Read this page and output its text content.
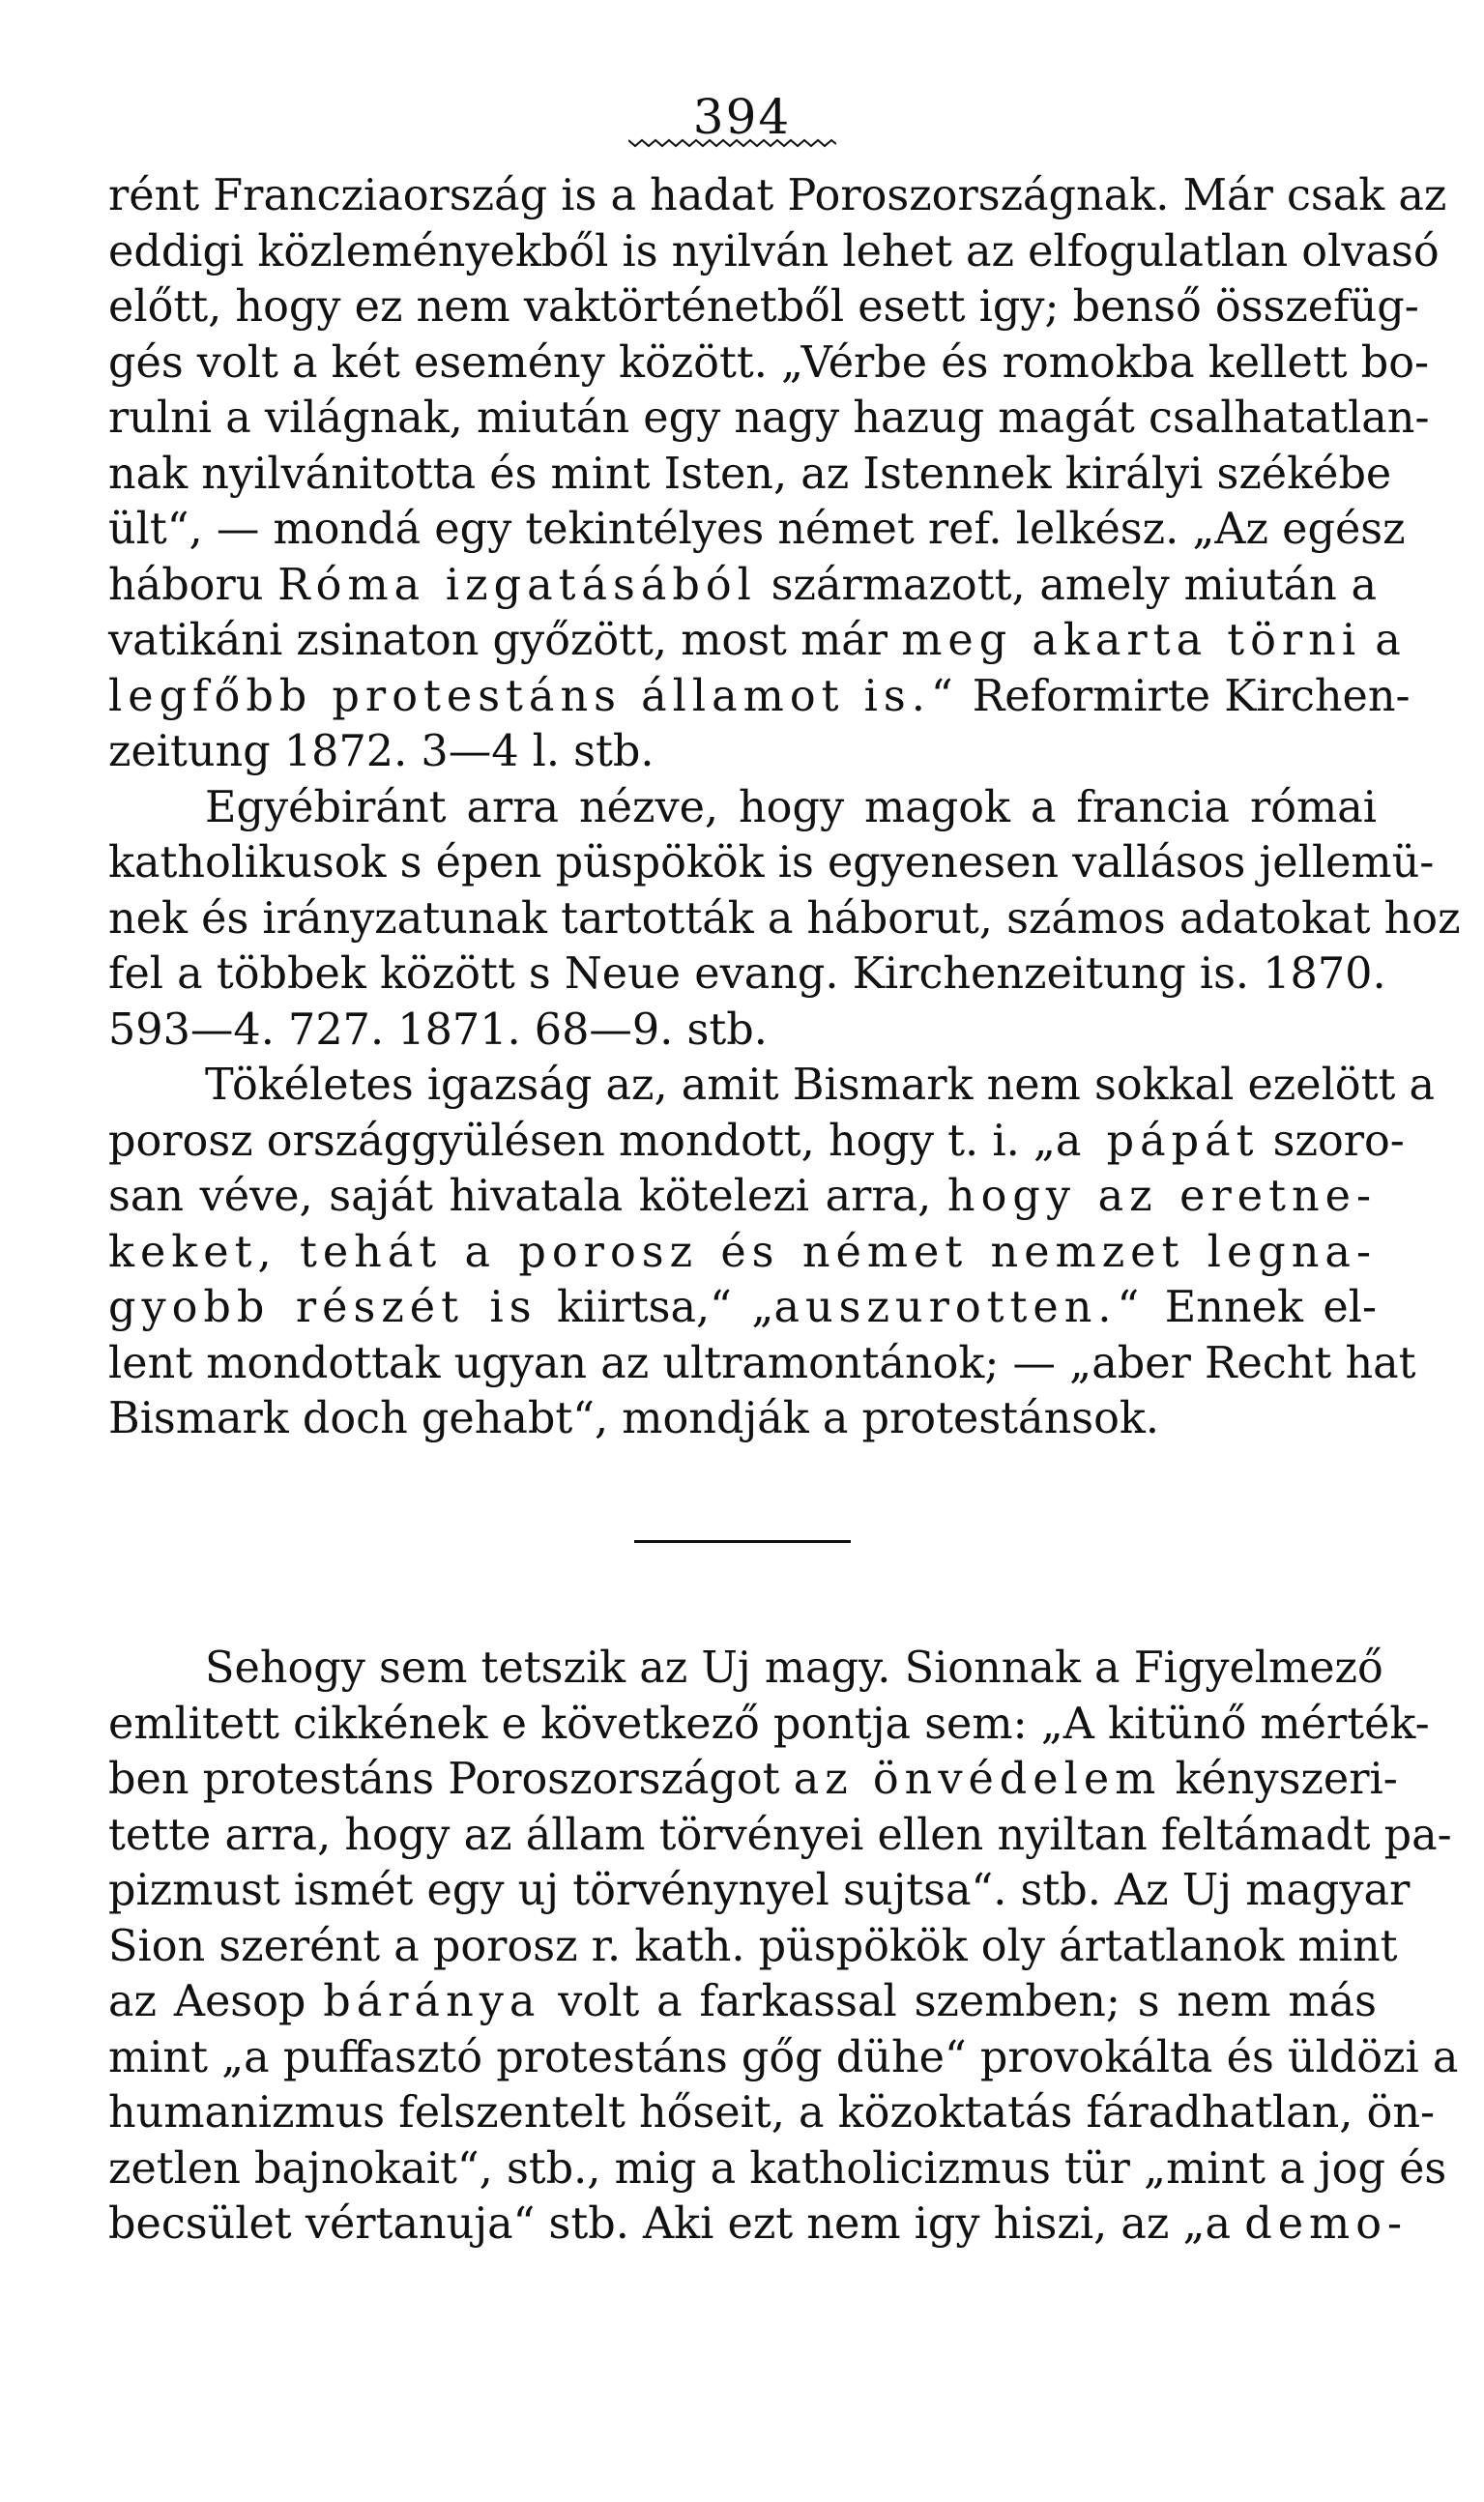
394
rént Francziaország is a hadat Poroszországnak. Már csak az
eddigi közleményekből is nyilván lehet az elfogulatlan olvasó
előtt, hogy ez nem vaktörténetből esett igy; benső összefüg-
gés volt a két esemény között. „Vérbe és romokba kellett bo-
rulni a világnak, miután egy nagy hazug magát csalhatatlan-
nak nyilvánitotta és mint Isten, az Istennek királyi székébe
ült“, — mondá egy tekintélyes német ref. lelkész. „Az egész
háboru Róma izgatásából származott, amely miután a
vatikáni zsinaton győzött, most már meg akarta törni a
legfőbb protestáns államot is.“ Reformirte Kirchen-
zeitung 1872. 3—4 l. stb.
Egyébiránt arra nézve, hogy magok a francia római
katholikusok s épen püspökök is egyenesen vallásos jellemü-
nek és irányzatunak tartották a háborut, számos adatokat hoz
fel a többek között s Neue evang. Kirchenzeitung is. 1870.
593—4. 727. 1871. 68—9. stb.
Tökéletes igazság az, amit Bismark nem sokkal ezelött a
porosz országgyülésen mondott, hogy t. i. „a pápát szoro-
san véve, saját hivatala kötelezi arra, hogy az eretne-
keket, tehát a porosz és német nemzet legna-
gyobb részét is kiirtsa,“ „auszurotten.“ Ennek el-
lent mondottak ugyan az ultramontánok; — „aber Recht hat
Bismark doch gehabt“, mondják a protestánsok.
Sehogy sem tetszik az Uj magy. Sionnak a Figyelmező
emlitett cikkének e következő pontja sem: „A kitünő mérték-
ben protestáns Poroszországot az önvédelem kényszeri-
tette arra, hogy az állam törvényei ellen nyiltan feltámadt pa-
pizmust ismét egy uj törvénynyel sujtsa“. stb. Az Uj magyar
Sion szerént a porosz r. kath. püspökök oly ártatlanok mint
az Aesop báránya volt a farkassal szemben; s nem más
mint „a puffasztó protestáns gőg dühe“ provokálta és üldözi a
humanizmus felszentelt hőseit, a közoktatás fáradhatlan, ön-
zetlen bajnokait“, stb., mig a katholicizmus tür „mint a jog és
becsület vértanuja“ stb. Aki ezt nem igy hiszi, az „a demo-
